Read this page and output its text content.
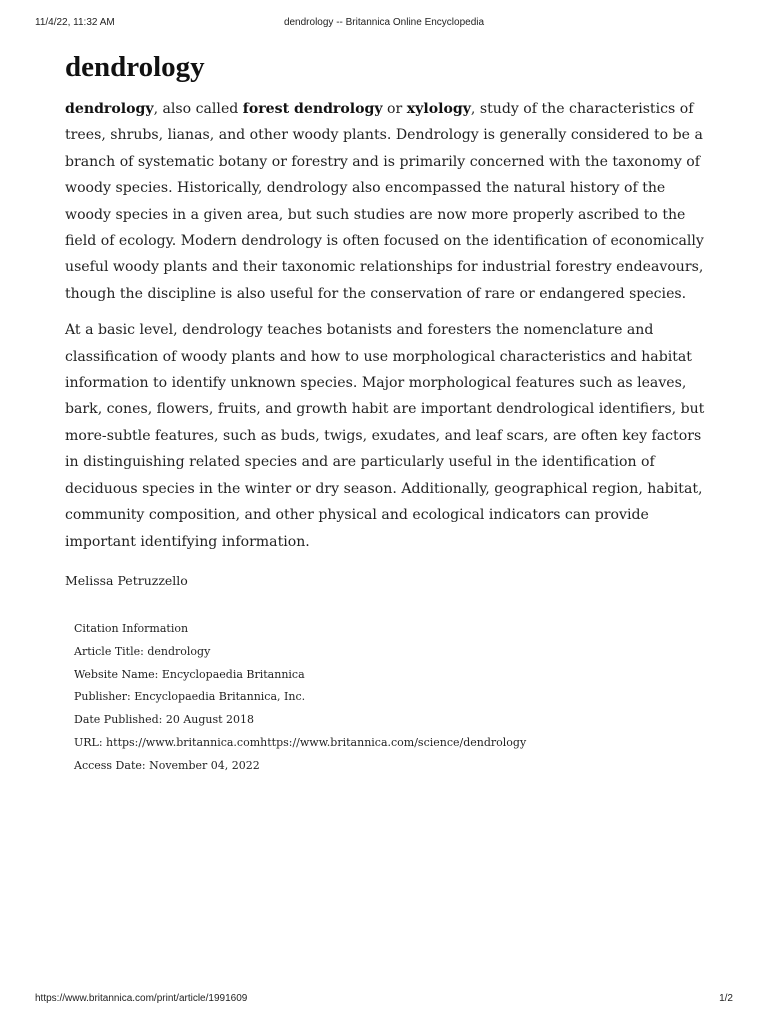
11/4/22, 11:32 AM	dendrology -- Britannica Online Encyclopedia
dendrology

dendrology, also called forest dendrology or xylology, study of the characteristics of trees, shrubs, lianas, and other woody plants. Dendrology is generally considered to be a branch of systematic botany or forestry and is primarily concerned with the taxonomy of woody species. Historically, dendrology also encompassed the natural history of the woody species in a given area, but such studies are now more properly ascribed to the field of ecology. Modern dendrology is often focused on the identification of economically useful woody plants and their taxonomic relationships for industrial forestry endeavours, though the discipline is also useful for the conservation of rare or endangered species.

At a basic level, dendrology teaches botanists and foresters the nomenclature and classification of woody plants and how to use morphological characteristics and habitat information to identify unknown species. Major morphological features such as leaves, bark, cones, flowers, fruits, and growth habit are important dendrological identifiers, but more-subtle features, such as buds, twigs, exudates, and leaf scars, are often key factors in distinguishing related species and are particularly useful in the identification of deciduous species in the winter or dry season. Additionally, geographical region, habitat, community composition, and other physical and ecological indicators can provide important identifying information.

Melissa Petruzzello
Citation Information
Article Title: dendrology
Website Name: Encyclopaedia Britannica
Publisher: Encyclopaedia Britannica, Inc.
Date Published: 20 August 2018
URL: https://www.britannica.comhttps://www.britannica.com/science/dendrology
Access Date: November 04, 2022
https://www.britannica.com/print/article/1991609	1/2
